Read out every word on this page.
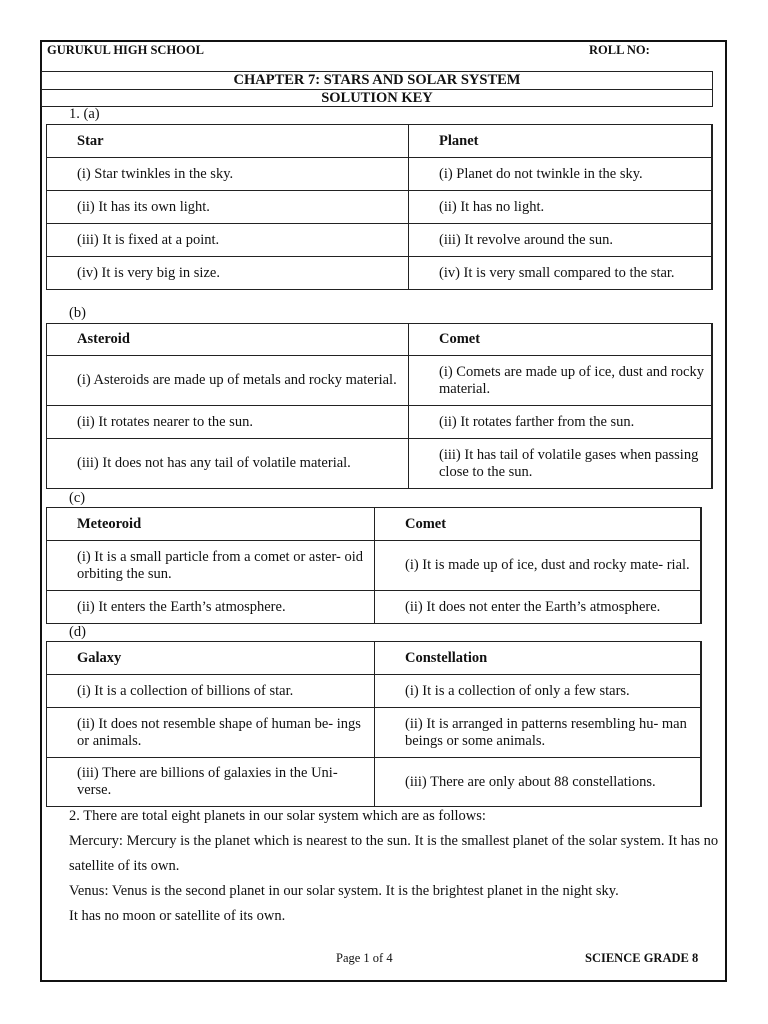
GURUKUL HIGH SCHOOL	ROLL NO:
CHAPTER 7: STARS AND SOLAR SYSTEM
SOLUTION KEY
1. (a)
Star	Planet
(i) Star twinkles in the sky.	(i) Planet do not twinkle in the sky.
(ii) It has its own light.	(ii) It has no light.
(iii) It is fixed at a point.	(iii) It revolve around the sun.
(iv) It is very big in size.	(iv) It is very small compared to the star.
(b)
Asteroid	Comet
(i) Asteroids are made up of metals and rocky material.	(i) Comets are made up of ice, dust and rocky material.
(ii) It rotates nearer to the sun.	(ii) It rotates farther from the sun.
(iii) It does not has any tail of volatile material.	(iii) It has tail of volatile gases when passing close to the sun.
(c)
Meteoroid	Comet
(i) It is a small particle from a comet or aster- oid orbiting the sun.	(i) It is made up of ice, dust and rocky mate- rial.
(ii) It enters the Earth’s atmosphere.	(ii) It does not enter the Earth’s atmosphere.
(d)
Galaxy	Constellation
(i) It is a collection of billions of star.	(i) It is a collection of only a few stars.
(ii) It does not resemble shape of human be- ings or animals.	(ii) It is arranged in patterns resembling hu- man beings or some animals.
(iii) There are billions of galaxies in the Uni- verse.	(iii) There are only about 88 constellations.
2. There are total eight planets in our solar system which are as follows:
Mercury: Mercury is the planet which is nearest to the sun. It is the smallest planet of the solar system. It has no satellite of its own.
Venus: Venus is the second planet in our solar system. It is the brightest planet in the night sky.
It has no moon or satellite of its own.
Page 1 of 4	SCIENCE GRADE 8
